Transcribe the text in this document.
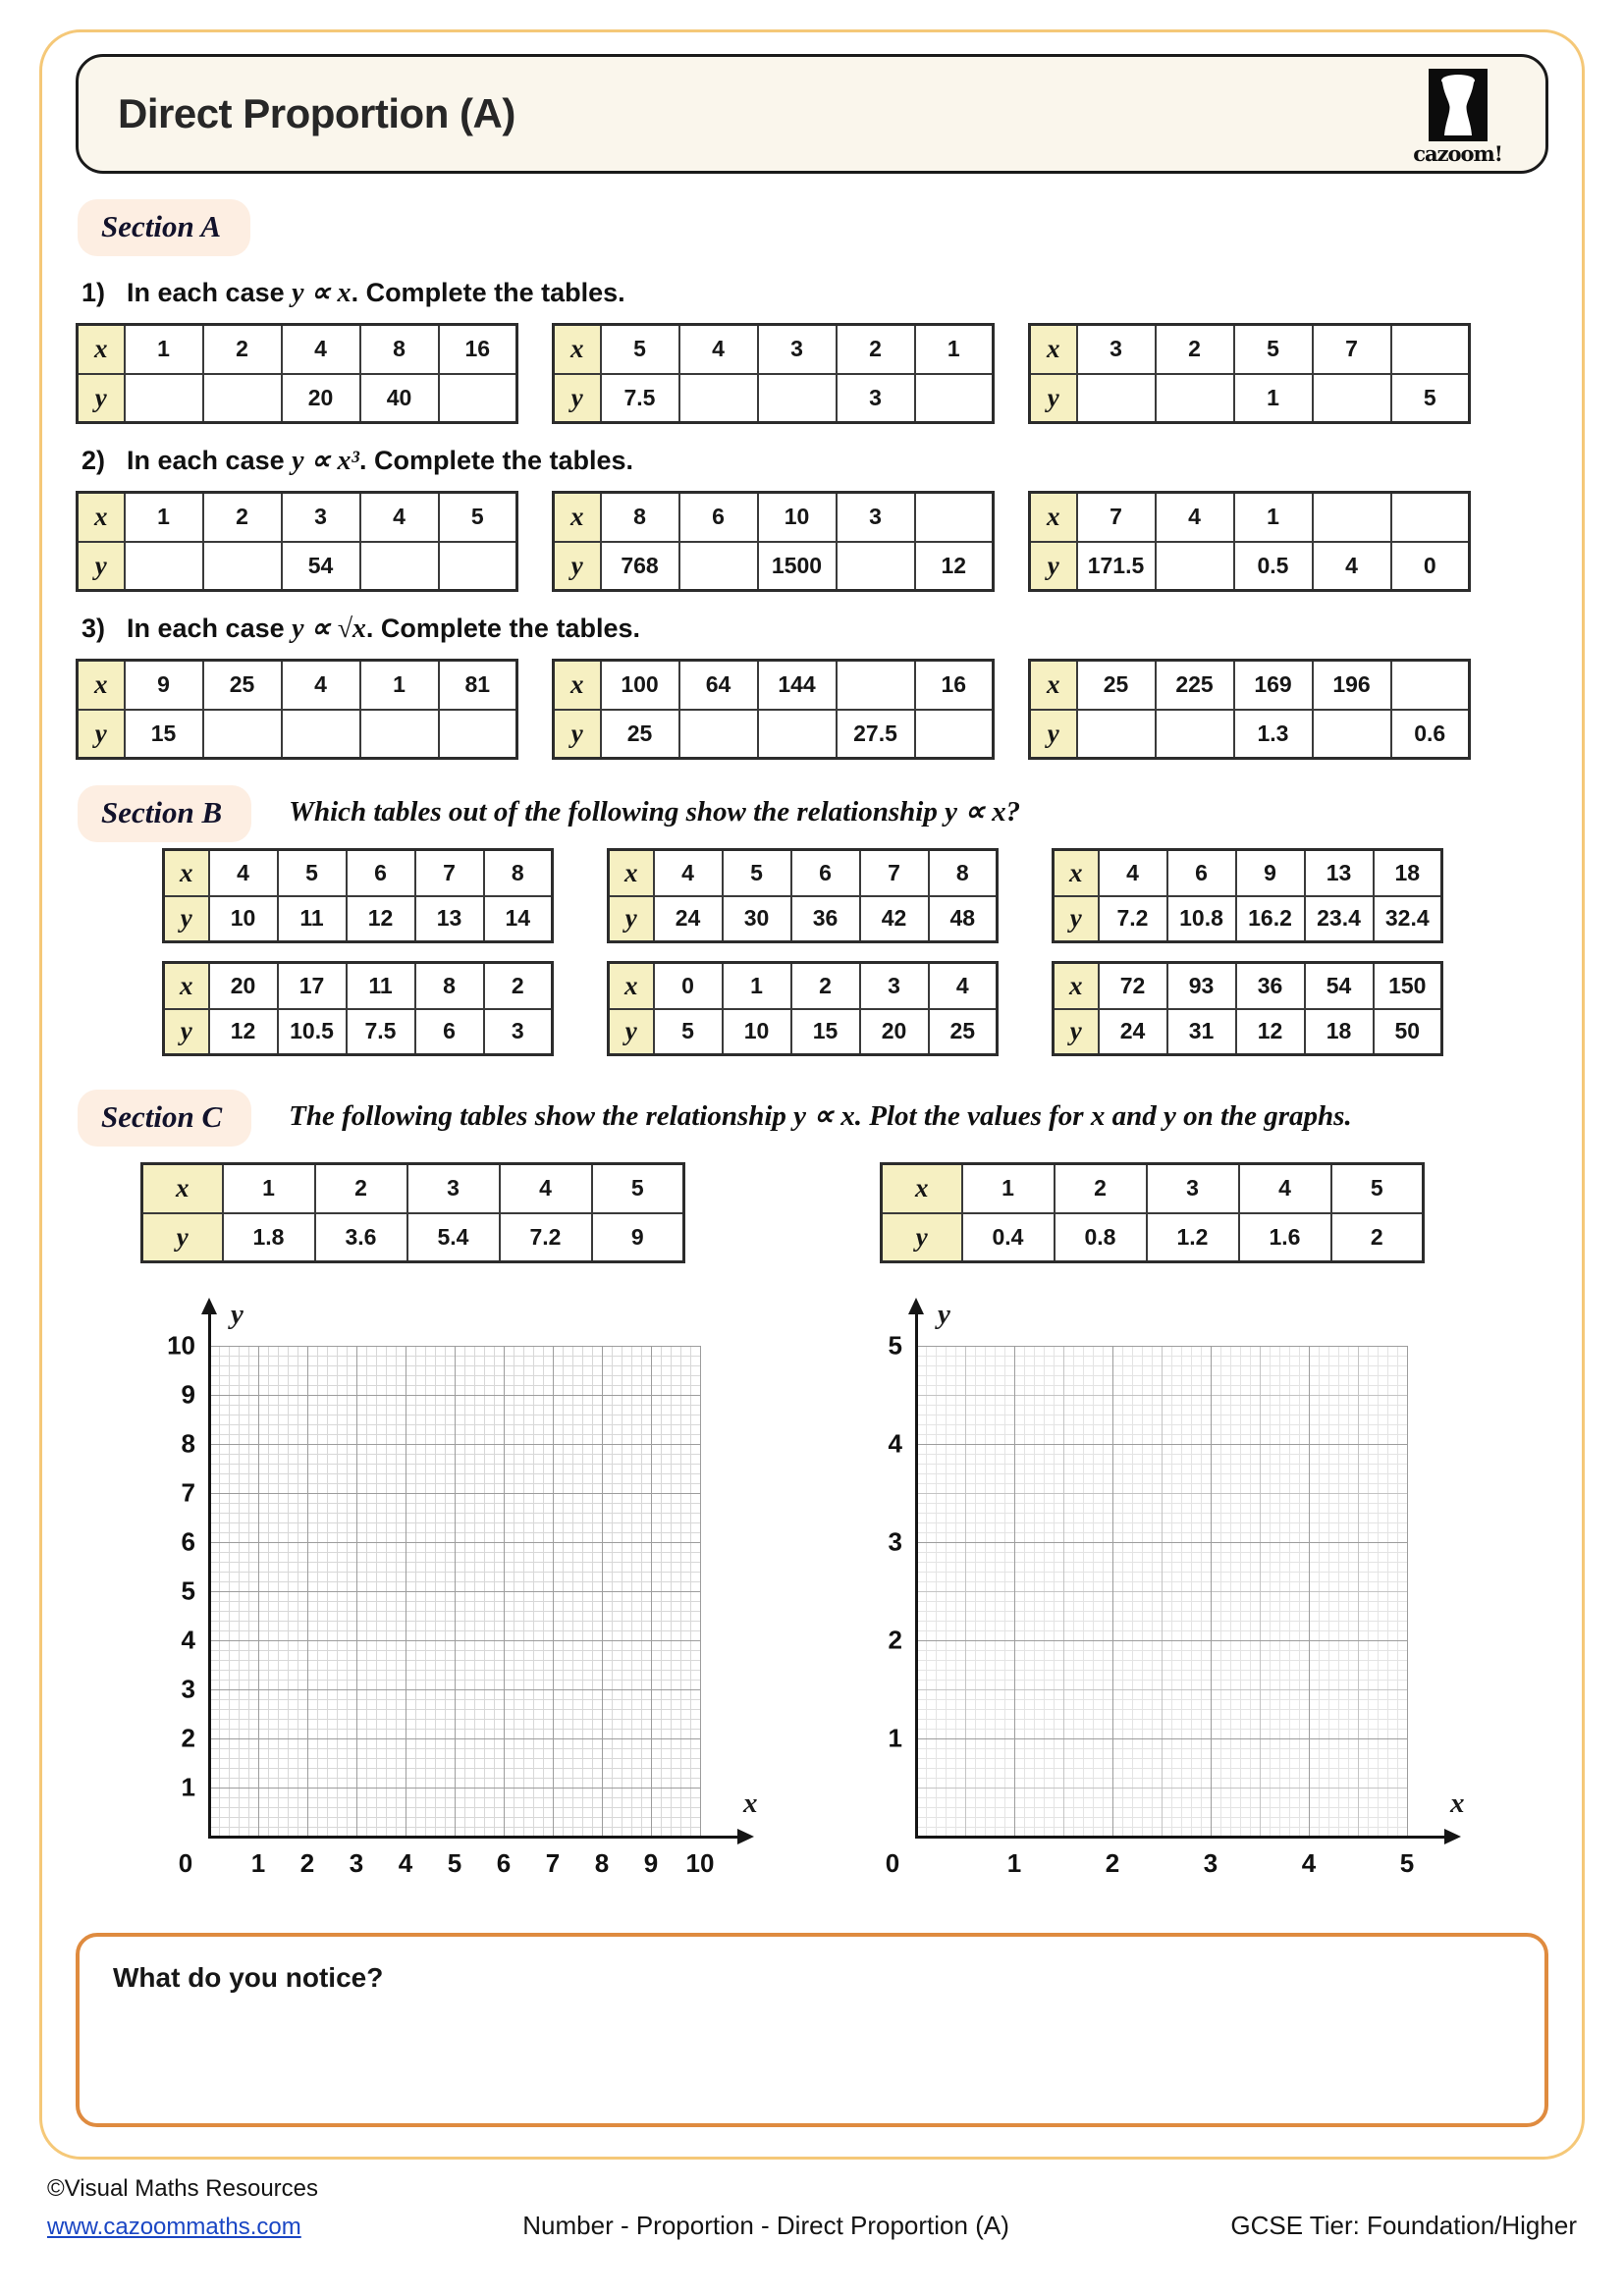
Direct Proportion (A)
cazoom!
Section A
1) In each case y ∝ x. Complete the tables.
x	1	2	4	8	16
y			20	40	
x	5	4	3	2	1
y	7.5			3	
x	3	2	5	7	
y			1		5
2) In each case y ∝ x³. Complete the tables.
x	1	2	3	4	5
y			54		
x	8	6	10	3	
y	768		1500		12
x	7	4	1		
y	171.5		0.5	4	0
3) In each case y ∝ √x. Complete the tables.
x	9	25	4	1	81
y	15				
x	100	64	144		16
y	25			27.5	
x	25	225	169	196	
y			1.3		0.6
Section B	Which tables out of the following show the relationship y ∝ x?
x	4	5	6	7	8
y	10	11	12	13	14
x	4	5	6	7	8
y	24	30	36	42	48
x	4	6	9	13	18
y	7.2	10.8	16.2	23.4	32.4
x	20	17	11	8	2
y	12	10.5	7.5	6	3
x	0	1	2	3	4
y	5	10	15	20	25
x	72	93	36	54	150
y	24	31	12	18	50
Section C	The following tables show the relationship y ∝ x. Plot the values for x and y on the graphs.
x	1	2	3	4	5
y	1.8	3.6	5.4	7.2	9
x	1	2	3	4	5
y	0.4	0.8	1.2	1.6	2
0 1 2 3 4 5 6 7 8 9 10
1
2
3
4
5
6
7
8
9
10
y
x
0	1	2	3	4	5
1
2
3
4
5
y
x
What do you notice?
©Visual Maths Resources
www.cazoommaths.com	Number - Proportion - Direct Proportion (A)	GCSE Tier: Foundation/Higher
